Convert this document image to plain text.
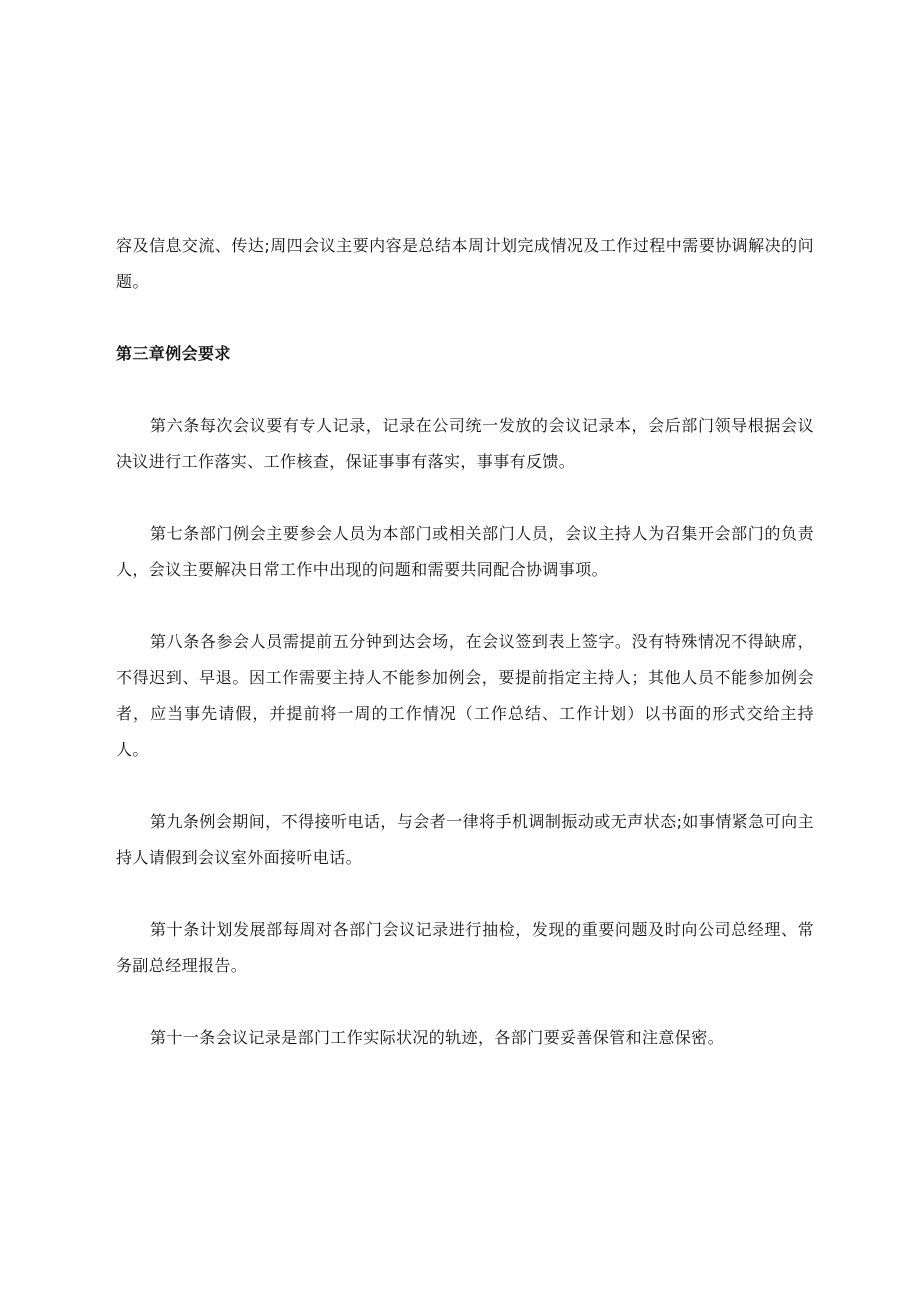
容及信息交流、传达;周四会议主要内容是总结本周计划完成情况及工作过程中需要协调解决的问题。

第三章例会要求

第六条每次会议要有专人记录，记录在公司统一发放的会议记录本，会后部门领导根据会议决议进行工作落实、工作核查，保证事事有落实，事事有反馈。

第七条部门例会主要参会人员为本部门或相关部门人员，会议主持人为召集开会部门的负责人，会议主要解决日常工作中出现的问题和需要共同配合协调事项。

第八条各参会人员需提前五分钟到达会场，在会议签到表上签字。没有特殊情况不得缺席，不得迟到、早退。因工作需要主持人不能参加例会，要提前指定主持人；其他人员不能参加例会者，应当事先请假，并提前将一周的工作情况（工作总结、工作计划）以书面的形式交给主持人。

第九条例会期间，不得接听电话，与会者一律将手机调制振动或无声状态;如事情紧急可向主持人请假到会议室外面接听电话。

第十条计划发展部每周对各部门会议记录进行抽检，发现的重要问题及时向公司总经理、常务副总经理报告。

第十一条会议记录是部门工作实际状况的轨迹，各部门要妥善保管和注意保密。
